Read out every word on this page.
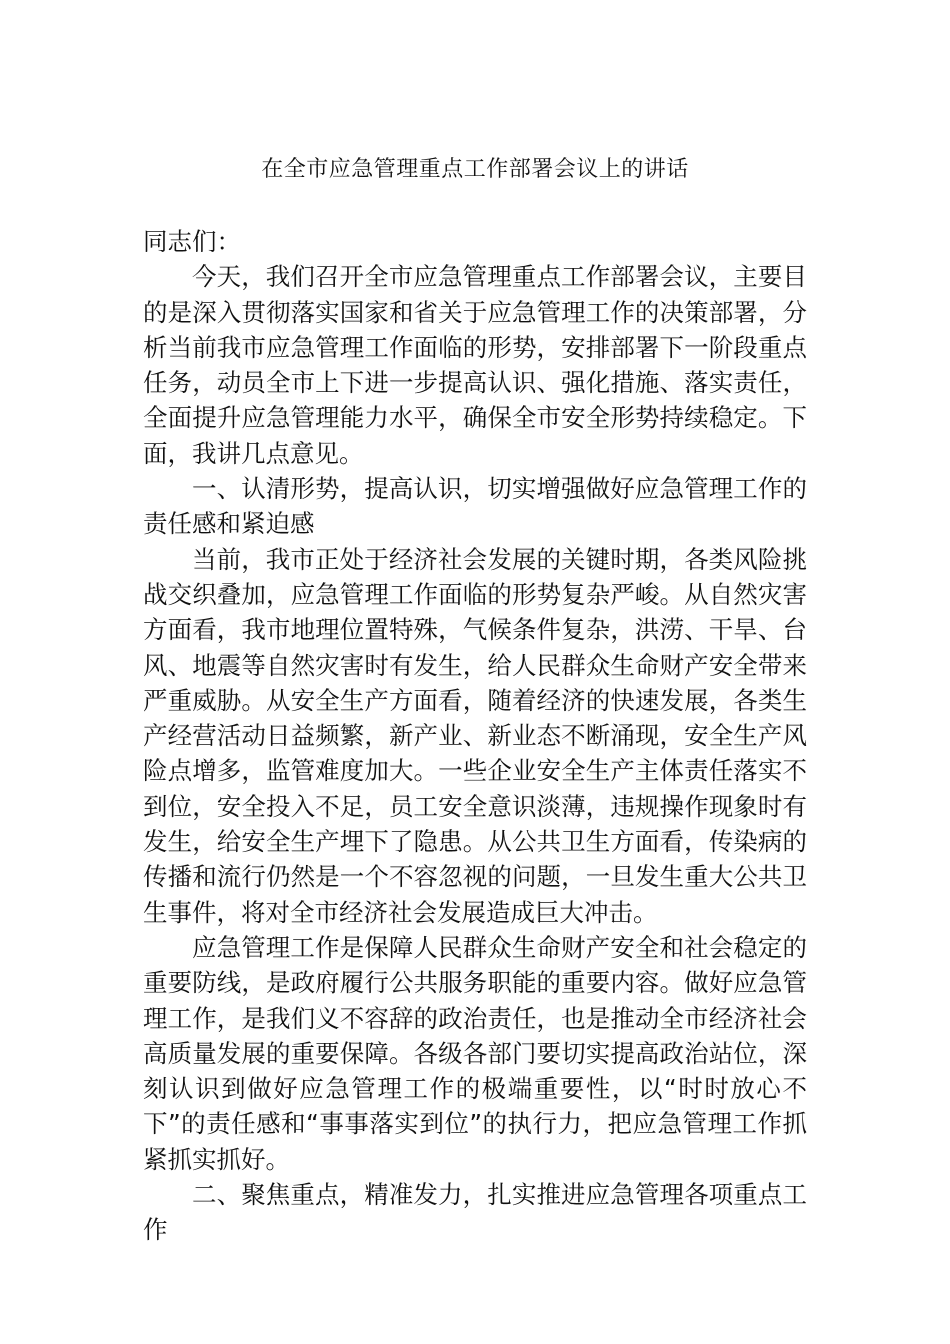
在全市应急管理重点工作部署会议上的讲话

同志们：

今天，我们召开全市应急管理重点工作部署会议，主要目的是深入贯彻落实国家和省关于应急管理工作的决策部署，分析当前我市应急管理工作面临的形势，安排部署下一阶段重点任务，动员全市上下进一步提高认识、强化措施、落实责任，全面提升应急管理能力水平，确保全市安全形势持续稳定。下面，我讲几点意见。

一、认清形势，提高认识，切实增强做好应急管理工作的责任感和紧迫感

当前，我市正处于经济社会发展的关键时期，各类风险挑战交织叠加，应急管理工作面临的形势复杂严峻。从自然灾害方面看，我市地理位置特殊，气候条件复杂，洪涝、干旱、台风、地震等自然灾害时有发生，给人民群众生命财产安全带来严重威胁。从安全生产方面看，随着经济的快速发展，各类生产经营活动日益频繁，新产业、新业态不断涌现，安全生产风险点增多，监管难度加大。一些企业安全生产主体责任落实不到位，安全投入不足，员工安全意识淡薄，违规操作现象时有发生，给安全生产埋下了隐患。从公共卫生方面看，传染病的传播和流行仍然是一个不容忽视的问题，一旦发生重大公共卫生事件，将对全市经济社会发展造成巨大冲击。

应急管理工作是保障人民群众生命财产安全和社会稳定的重要防线，是政府履行公共服务职能的重要内容。做好应急管理工作，是我们义不容辞的政治责任，也是推动全市经济社会高质量发展的重要保障。各级各部门要切实提高政治站位，深刻认识到做好应急管理工作的极端重要性，以“时时放心不下”的责任感和“事事落实到位”的执行力，把应急管理工作抓紧抓实抓好。

二、聚焦重点，精准发力，扎实推进应急管理各项重点工作
